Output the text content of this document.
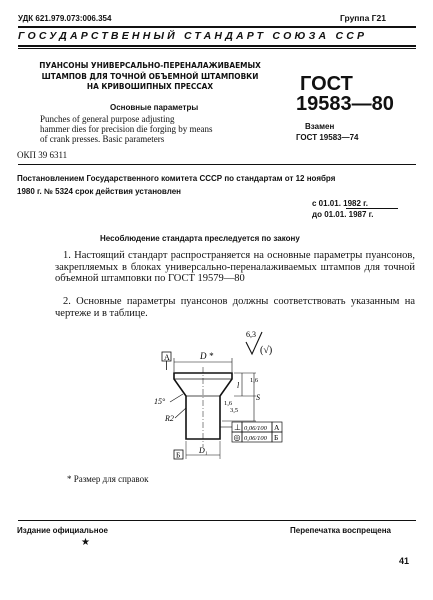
УДК 621.979.073:006.354	Группа Г21
ГОСУДАРСТВЕННЫЙ СТАНДАРТ СОЮЗА ССР
ПУАНСОНЫ УНИВЕРСАЛЬНО-ПЕРЕНАЛАЖИВАЕМЫХ
ШТАМПОВ ДЛЯ ТОЧНОЙ ОБЪЕМНОЙ ШТАМПОВКИ
НА КРИВОШИПНЫХ ПРЕССАХ
Основные параметры
Punches of general purpose adjusting
hammer dies for precision die forging by means
of crank presses. Basic parameters
ОКП 39 6311
ГОСТ
19583—80
Взамен
ГОСТ 19583—74
Постановлением Государственного комитета СССР по стандартам от 12 ноября
1980 г. № 5324 срок действия установлен
с 01.01. 1982 г.
до 01.01. 1987 г.
Несоблюдение стандарта преследуется по закону
1. Настоящий стандарт распространяется на основные параметры пуансонов, закрепляемых в блоках универсально-переналаживаемых штампов для точной объемной штамповки по ГОСТ 19579—80
2. Основные параметры пуансонов должны соответствовать указанным на чертеже и в таблице.
6,3
(√)
A	D *
l
S
1,6
1,6
3,5
15°
R2
⊥ 0,06/100 A
◎ 0,06/100 Б
D₁
Б
* Размер для справок
Издание официальное	Перепечатка воспрещена
★
41
